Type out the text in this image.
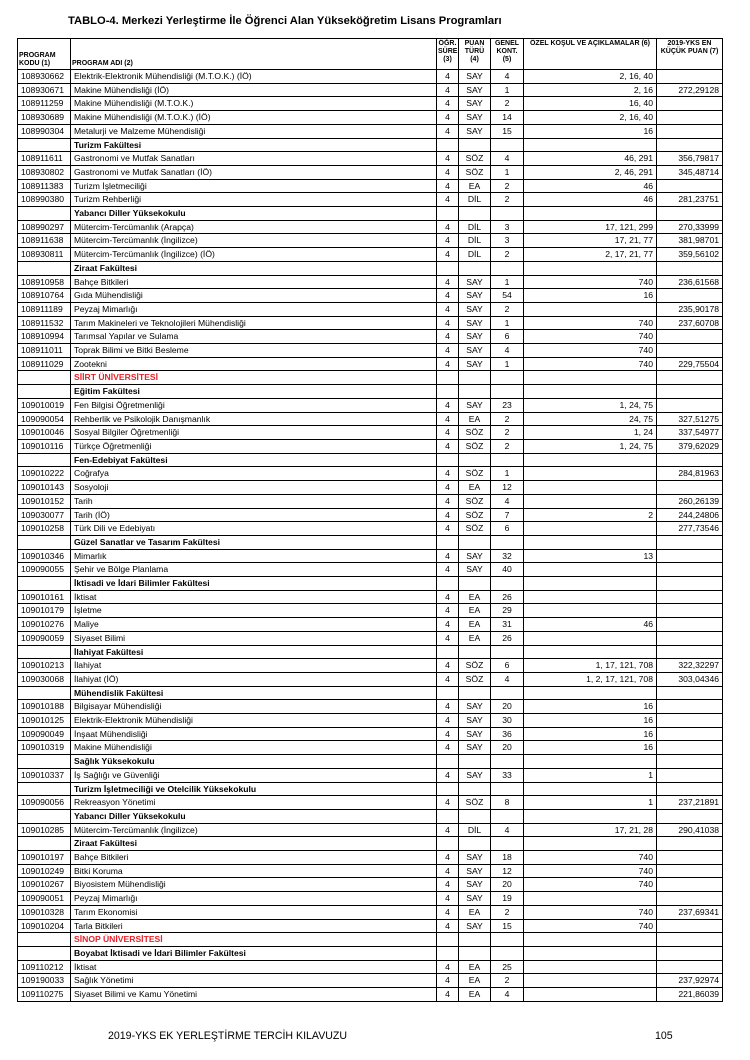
TABLO-4. Merkezi Yerleştirme İle Öğrenci Alan Yükseköğretim Lisans Programları
PROGRAM KODU (1)	PROGRAM ADI (2)	ÖĞR. SÜRE (3)	PUAN TÜRÜ (4)	GENEL KONT. (5)	ÖZEL KOŞUL VE AÇIKLAMALAR (6)	2019-YKS EN KÜÇÜK PUAN (7)
108930662	Elektrik-Elektronik Mühendisliği (M.T.O.K.) (İÖ)	4	SAY	4	2, 16, 40	
108930671	Makine Mühendisliği (İÖ)	4	SAY	1	2, 16	272,29128
108911259	Makine Mühendisliği (M.T.O.K.)	4	SAY	2	16, 40	
108930689	Makine Mühendisliği (M.T.O.K.) (İÖ)	4	SAY	14	2, 16, 40	
108990304	Metalurji ve Malzeme Mühendisliği	4	SAY	15	16	
	Turizm Fakültesi					
108911611	Gastronomi ve Mutfak Sanatları	4	SÖZ	4	46, 291	356,79817
108930802	Gastronomi ve Mutfak Sanatları (İÖ)	4	SÖZ	1	2, 46, 291	345,48714
108911383	Turizm İşletmeciliği	4	EA	2	46	
108990380	Turizm Rehberliği	4	DİL	2	46	281,23751
	Yabancı Diller Yüksekokulu					
108990297	Mütercim-Tercümanlık (Arapça)	4	DİL	3	17, 121, 299	270,33999
108911638	Mütercim-Tercümanlık (İngilizce)	4	DİL	3	17, 21, 77	381,98701
108930811	Mütercim-Tercümanlık (İngilizce) (İÖ)	4	DİL	2	2, 17, 21, 77	359,56102
	Ziraat Fakültesi					
108910958	Bahçe Bitkileri	4	SAY	1	740	236,61568
108910764	Gıda Mühendisliği	4	SAY	54	16	
108911189	Peyzaj Mimarlığı	4	SAY	2		235,90178
108911532	Tarım Makineleri ve Teknolojileri Mühendisliği	4	SAY	1	740	237,60708
108910994	Tarımsal Yapılar ve Sulama	4	SAY	6	740	
108911011	Toprak Bilimi ve Bitki Besleme	4	SAY	4	740	
108911029	Zootekni	4	SAY	1	740	229,75504
	SİİRT ÜNİVERSİTESİ					
	Eğitim Fakültesi					
109010019	Fen Bilgisi Öğretmenliği	4	SAY	23	1, 24, 75	
109090054	Rehberlik ve Psikolojik Danışmanlık	4	EA	2	24, 75	327,51275
109010046	Sosyal Bilgiler Öğretmenliği	4	SÖZ	2	1, 24	337,54977
109010116	Türkçe Öğretmenliği	4	SÖZ	2	1, 24, 75	379,62029
	Fen-Edebiyat Fakültesi					
109010222	Coğrafya	4	SÖZ	1		284,81963
109010143	Sosyoloji	4	EA	12		
109010152	Tarih	4	SÖZ	4		260,26139
109030077	Tarih (İÖ)	4	SÖZ	7	2	244,24806
109010258	Türk Dili ve Edebiyatı	4	SÖZ	6		277,73546
	Güzel Sanatlar ve Tasarım Fakültesi					
109010346	Mimarlık	4	SAY	32	13	
109090055	Şehir ve Bölge Planlama	4	SAY	40		
	İktisadi ve İdari Bilimler Fakültesi					
109010161	İktisat	4	EA	26		
109010179	İşletme	4	EA	29		
109010276	Maliye	4	EA	31	46	
109090059	Siyaset Bilimi	4	EA	26		
	İlahiyat Fakültesi					
109010213	İlahiyat	4	SÖZ	6	1, 17, 121, 708	322,32297
109030068	İlahiyat (İÖ)	4	SÖZ	4	1, 2, 17, 121, 708	303,04346
	Mühendislik Fakültesi					
109010188	Bilgisayar Mühendisliği	4	SAY	20	16	
109010125	Elektrik-Elektronik Mühendisliği	4	SAY	30	16	
109090049	İnşaat Mühendisliği	4	SAY	36	16	
109010319	Makine Mühendisliği	4	SAY	20	16	
	Sağlık Yüksekokulu					
109010337	İş Sağlığı ve Güvenliği	4	SAY	33	1	
	Turizm İşletmeciliği ve Otelcilik Yüksekokulu					
109090056	Rekreasyon Yönetimi	4	SÖZ	8	1	237,21891
	Yabancı Diller Yüksekokulu					
109010285	Mütercim-Tercümanlık (İngilizce)	4	DİL	4	17, 21, 28	290,41038
	Ziraat Fakültesi					
109010197	Bahçe Bitkileri	4	SAY	18	740	
109010249	Bitki Koruma	4	SAY	12	740	
109010267	Biyosistem Mühendisliği	4	SAY	20	740	
109090051	Peyzaj Mimarlığı	4	SAY	19		
109010328	Tarım Ekonomisi	4	EA	2	740	237,69341
109010204	Tarla Bitkileri	4	SAY	15	740	
	SİNOP ÜNİVERSİTESİ					
	Boyabat İktisadi ve İdari Bilimler Fakültesi					
109110212	İktisat	4	EA	25		
109190033	Sağlık Yönetimi	4	EA	2		237,92974
109110275	Siyaset Bilimi ve Kamu Yönetimi	4	EA	4		221,86039
2019-YKS EK YERLEŞTİRME TERCİH KILAVUZU	105
